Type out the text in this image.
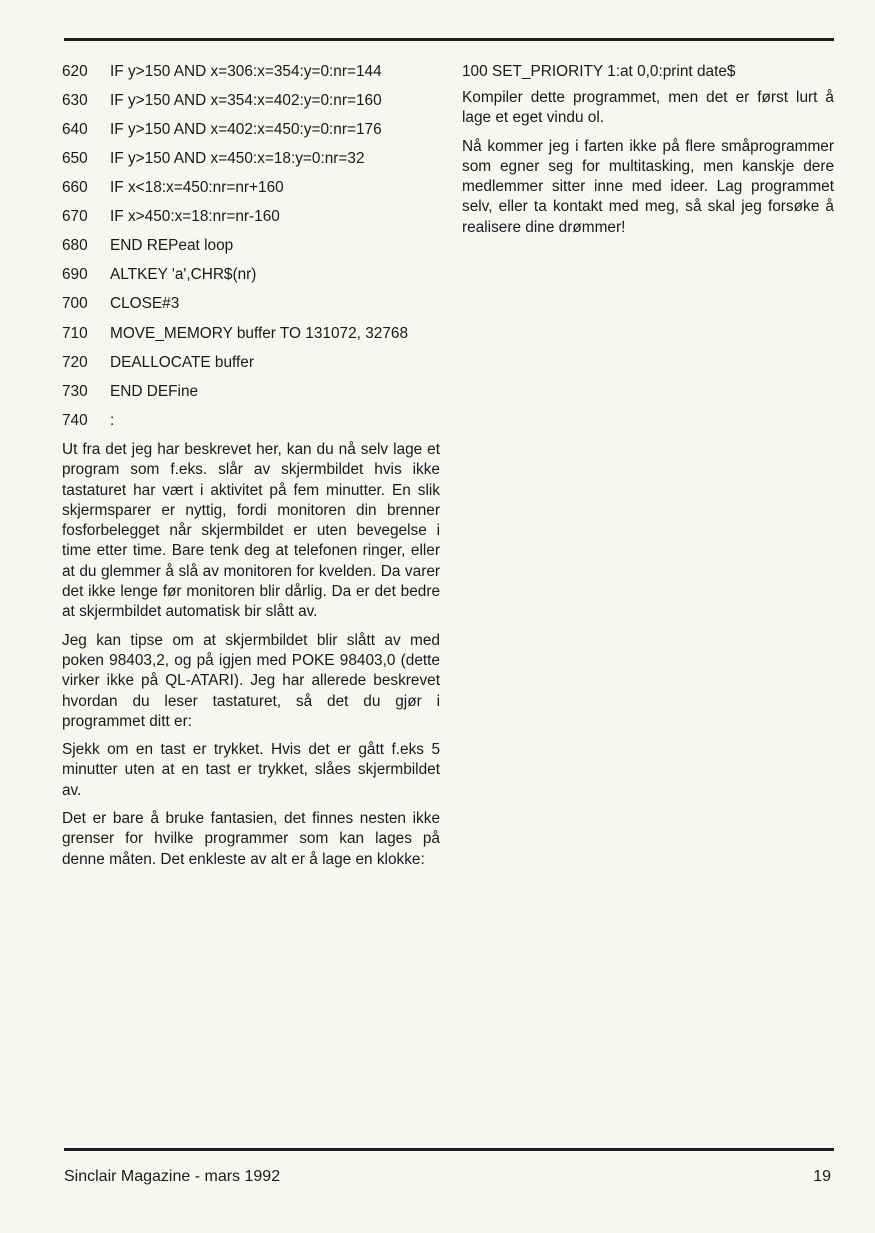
620 IF y>150 AND x=306:x=354:y=0:nr=144
630 IF y>150 AND x=354:x=402:y=0:nr=160
640 IF y>150 AND x=402:x=450:y=0:nr=176
650 IF y>150 AND x=450:x=18:y=0:nr=32
660 IF x<18:x=450:nr=nr+160
670 IF x>450:x=18:nr=nr-160
680 END REPeat loop
690 ALTKEY 'a',CHR$(nr)
700 CLOSE#3
710 MOVE_MEMORY buffer TO 131072, 32768
720 DEALLOCATE buffer
730 END DEFine
740 :

Ut fra det jeg har beskrevet her, kan du nå selv lage et program som f.eks. slår av skjermbildet hvis ikke tastaturet har vært i aktivitet på fem minutter. En slik skjermsparer er nyttig, fordi monitoren din brenner fosforbelegget når skjermbildet er uten bevegelse i time etter time. Bare tenk deg at telefonen ringer, eller at du glemmer å slå av monitoren for kvelden. Da varer det ikke lenge før monitoren blir dårlig. Da er det bedre at skjermbildet automatisk bir slått av.

Jeg kan tipse om at skjermbildet blir slått av med poken 98403,2, og på igjen med POKE 98403,0 (dette virker ikke på QL-ATARI). Jeg har allerede beskrevet hvordan du leser tastaturet, så det du gjør i programmet ditt er:

Sjekk om en tast er trykket. Hvis det er gått f.eks 5 minutter uten at en tast er trykket, slåes skjermbildet av.

Det er bare å bruke fantasien, det finnes nesten ikke grenser for hvilke programmer som kan lages på denne måten. Det enkleste av alt er å lage en klokke:

100 SET_PRIORITY 1:at 0,0:print date$

Kompiler dette programmet, men det er først lurt å lage et eget vindu ol.

Nå kommer jeg i farten ikke på flere småprogrammer som egner seg for multitasking, men kanskje dere medlemmer sitter inne med ideer. Lag programmet selv, eller ta kontakt med meg, så skal jeg forsøke å realisere dine drømmer!

Sinclair Magazine - mars 1992	19
